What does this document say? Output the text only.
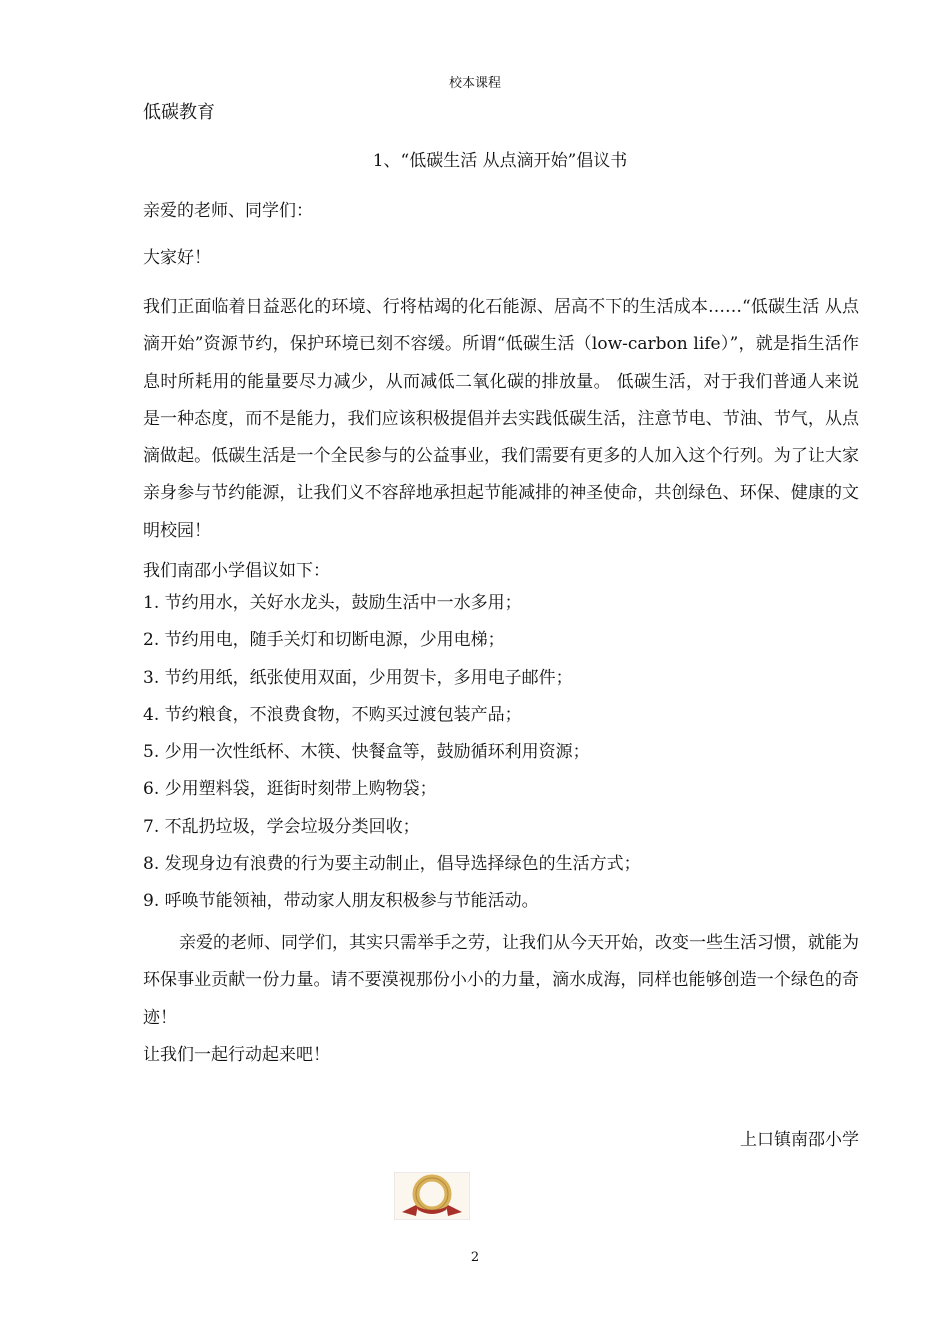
校本课程
低碳教育
1、“低碳生活 从点滴开始”倡议书
亲爱的老师、同学们：
大家好！
我们正面临着日益恶化的环境、行将枯竭的化石能源、居高不下的生活成本……“低碳生活 从点滴开始”资源节约，保护环境已刻不容缓。所谓“低碳生活（low-carbon life）”，就是指生活作息时所耗用的能量要尽力减少，从而减低二氧化碳的排放量。 低碳生活，对于我们普通人来说是一种态度，而不是能力，我们应该积极提倡并去实践低碳生活，注意节电、节油、节气，从点滴做起。低碳生活是一个全民参与的公益事业，我们需要有更多的人加入这个行列。为了让大家亲身参与节约能源，让我们义不容辞地承担起节能减排的神圣使命，共创绿色、环保、健康的文明校园！
我们南邵小学倡议如下：
1. 节约用水，关好水龙头，鼓励生活中一水多用；
2. 节约用电，随手关灯和切断电源，少用电梯；
3. 节约用纸，纸张使用双面，少用贺卡，多用电子邮件；
4. 节约粮食，不浪费食物，不购买过渡包装产品；
5. 少用一次性纸杯、木筷、快餐盒等，鼓励循环利用资源；
6. 少用塑料袋，逛街时刻带上购物袋；
7. 不乱扔垃圾，学会垃圾分类回收；
8. 发现身边有浪费的行为要主动制止，倡导选择绿色的生活方式；
9. 呼唤节能领袖，带动家人朋友积极参与节能活动。
亲爱的老师、同学们，其实只需举手之劳，让我们从今天开始，改变一些生活习惯，就能为环保事业贡献一份力量。请不要漠视那份小小的力量，滴水成海，同样也能够创造一个绿色的奇迹！
让我们一起行动起来吧！
上口镇南邵小学
2
